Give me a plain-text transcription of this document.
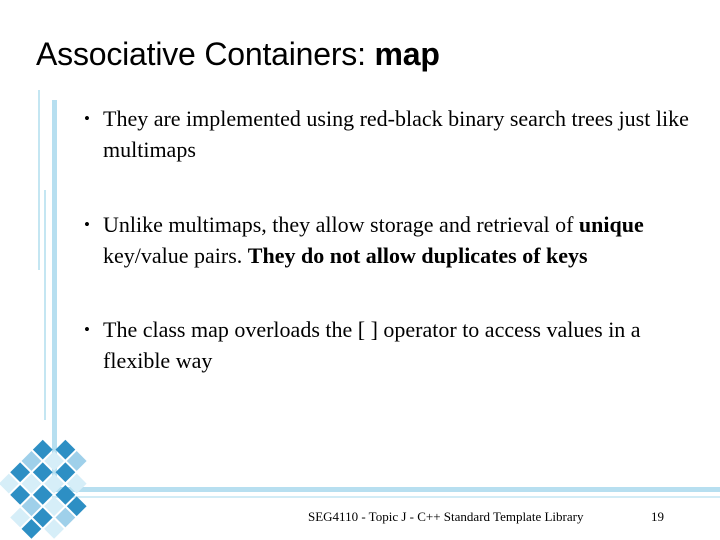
Associative Containers: map
• They are implemented using red-black binary search trees just like multimaps
• Unlike multimaps, they allow storage and retrieval of unique key/value pairs. They do not allow duplicates of keys
• The class map overloads the [ ] operator to access values in a flexible way
SEG4110 - Topic J - C++ Standard Template Library	19
